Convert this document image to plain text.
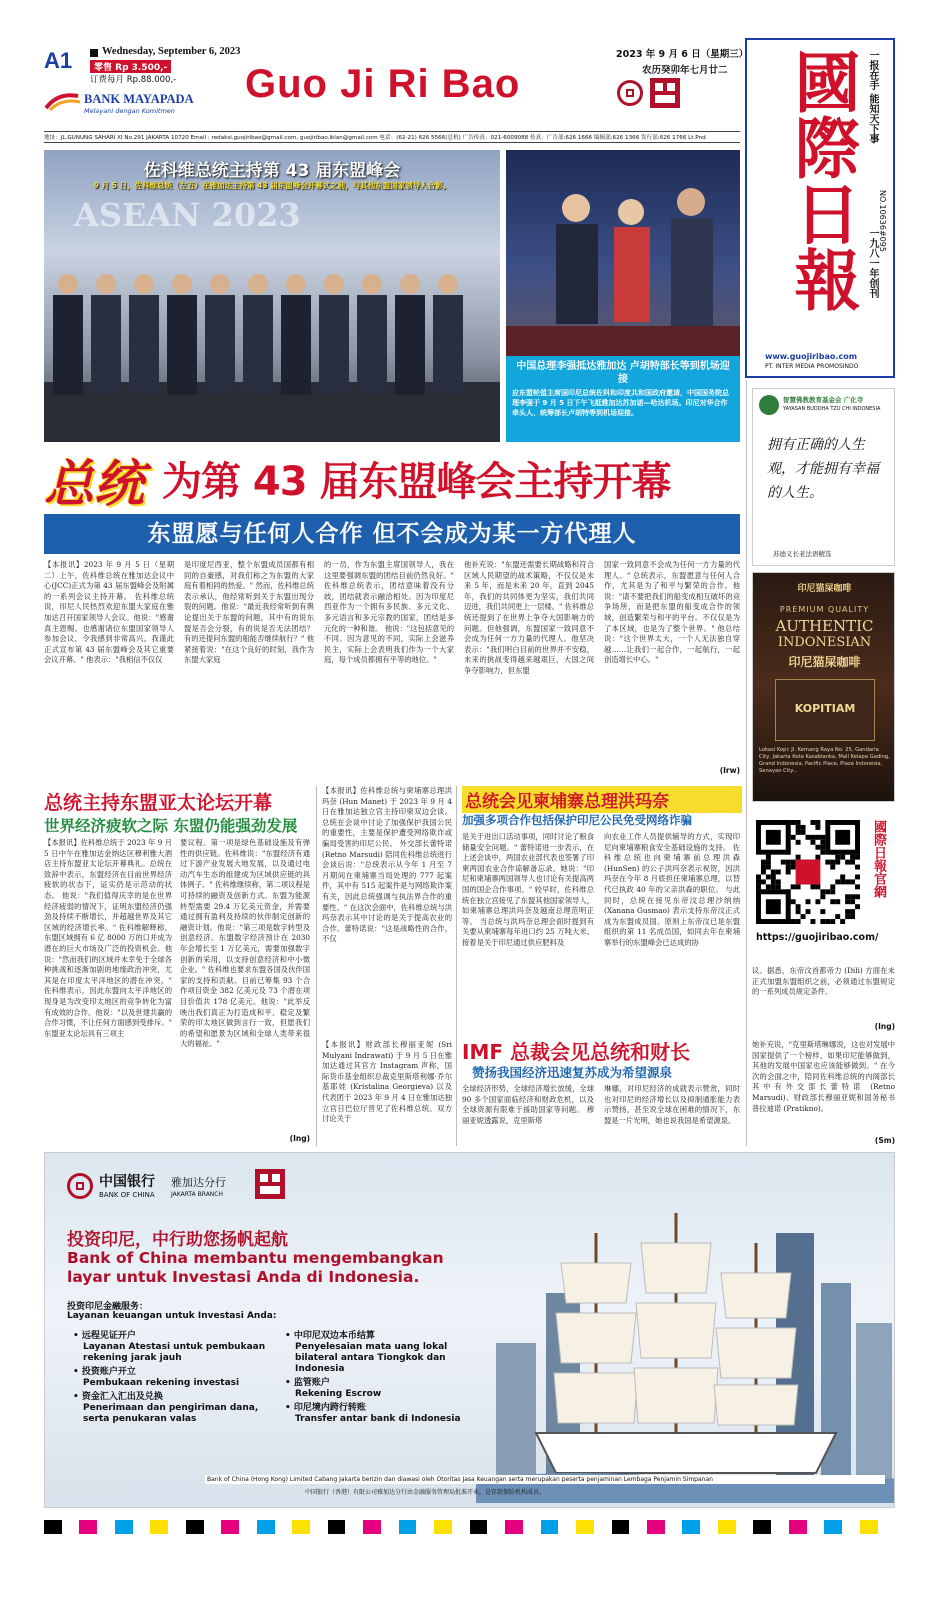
A1	Wednesday, September 6, 2023
零售 Rp 3.500,-
订费每月 Rp.88.000,-
BANK MAYAPADA
Melayani dengan Komitmen
Guo Ji Ri Bao
2023 年 9 月 6 日（星期三）
农历癸卯年七月廿二 國際日報 一报在手 能知天下事
NO.10636#095
一九八一年创刊
www.guojiribao.com
PT. INTER MEDIA PROMOSINDO
地址：JL.GUNUNG SAHARI XI No.291 JAKARTA 10720 Email : redaksi.guojiribao@gmail.com, guojiribao.iklan@gmail.com 电话：(62-21) 626 5566(总机) 广告传真：021-6009088 传真：广告部:626 1666 编辑部:626 1366 发行部:626 1766 Lt.Pnd
佐科维总统主持第 43 届东盟峰会
9 月 5 日，佐科维总统（左五）在雅加达主持第 43 届东盟峰会开幕式之前，与其他东盟国家领导人合影。
ASEAN 2023
中国总理李强抵达雅加达 卢胡特部长等到机场迎接
应东盟轮值主席国印尼总统佐科和印度共和国政府邀请，中国国务院总理李强于 9 月 5 日下午飞抵雅加达苏加诺—哈达机场。印尼对华合作牵头人、统筹部长卢胡特等到机场迎接。
总统 为第 43 届东盟峰会主持开幕
东盟愿与任何人合作 但不会成为某一方代理人
【本报讯】2023 年 9 月 5 日（星期二）上午，佐科维总统在雅加达会议中心(JCC)正式为第 43 届东盟峰会及附属的一系列会议主持开幕。 佐科维总统说，印尼人民热烈欢迎东盟大家庭在雅加达召开国家领导人会议。他说："感谢真主恩赐。也感谢诸位东盟国家领导人参加会议，令我感到非常高兴。我谨此正式宣布第 43 届东盟峰会及其它重要会议开幕。" 他表示："我相信不仅仅
是印度尼西亚，整个东盟成员国都有相同的自豪感，对我们称之为东盟的大家庭有着相同的热爱。" 然而，佐科维总统表示承认，他经常听到关于东盟出现分裂的问题。他说："最近我经常听到有舆论提出关于东盟的问题，其中有的说东盟是否会分裂，有的说是否无法团结？有的还提问东盟的船能否继续航行？" 他紧接着说："在这个良好的时刻，我作为东盟大家庭
的一员，作为东盟主席国领导人，我在这里要强调东盟的团结目前仍然良好。" 佐科维总统表示，团结意味着没有分歧，团结就表示融洽相处。因为印度尼西亚作为一个拥有多民族、多元文化、多元语言和多元宗教的国家，团结是多元化的一种和谐。 他说："这包括意见的不同。因为意见的不同，实际上会滋养民主，实际上会表明我们作为一个大家庭，每个成员都拥有平等的地位。"
他补充说："东盟还需要长期战略和符合区域人民期望的战术策略，不仅仅是未来 5 年，而是未来 20 年，直到 2045 年，我们的共同体更为坚实，我们共同迈进，我们共同更上一层楼。" 佐科维总统还提到了在世界上争夺大国影响力的问题。但他强调，东盟国家一致同意不会成为任何一方力量的代理人。他坚决表示："我们明白目前的世界并不安稳，未来的挑战变得越来越艰巨，大国之间争夺影响力，但东盟
国家一致同意不会成为任何一方力量的代理人。" 总统表示，东盟愿意与任何人合作，尤其是为了和平与繁荣的合作。他说："请不要把我们的船变成相互破坏的竞争场所，而是把东盟的船变成合作的领域，创造繁荣与和平的平台。不仅仅是为了本区域，也是为了整个世界。" 他总结说："这个世界太大，一个人无法独自穿越……让我们一起合作，一起航行，一起创造增长中心。"
(Irw)
智慧佛教教育基金会 广化寺
YAYASAN BUDDHA TZU CHI INDONESIA
拥有正确的人生观，才能拥有幸福的人生。
苏德义长老法语精选
印尼猫屎咖啡
PREMIUM QUALITY
AUTHENTIC
INDONESIAN
印尼猫屎咖啡
KOPITIAM
Lokasi Kopi: Jl. Kemang Raya No. 25, Gandaria City, Jakarta Kota Kasablanka, Mall Kelapa Gading, Grand Indonesia, Pacific Place, Plaza Indonesia, Senayan City...
國際日報官網
https://guojiribao.com/
总统主持东盟亚太论坛开幕
世界经济疲软之际 东盟仍能强劲发展
【本报讯】佐科维总统于 2023 年 9 月 5 日中午在雅加达金纳达区穆利雅大酒店主持东盟亚太论坛开幕典礼。总统在致辞中表示，东盟经济在目前世界经济疲软的状态下，证实仍是示范动的状态。 他说："我们值得庆幸的是在世界经济疲弱的情况下，证明东盟经济仍强劲及持续不断增长，并超越世界及其它区域的经济增长率。" 佐科维解释称，东盟区域拥有 6 亿 8000 万的口并成为潜在的巨大市场及广泛的投资机会。他说："然而我们的区域并未幸免于全球各种挑战和逐渐加剧的地缘政治冲突，尤其是在印度太平洋地区的潜在冲突。" 佐科维表示，因此东盟向太平洋地区的现身是为改变印太地区的竞争转化为富有成效的合作。他说："以及世建共赢的合作习惯，不让任何方面感到受排斥。" 东盟亚太论坛具有三项主
要议程。第一项是绿色基础设施及有弹性的供应链。佐科维说："东盟经济有通过下游产业发展大地发展，以及通过电动汽车生态的组建成为区域供应链的具体例子。" 佐科维继续称，第二项议程是可持续的融资及创新方式。东盟为能源转型需要 29.4 万亿美元资金，并需要通过拥有盈利及持续的伙伴制定创新的融资计划。他说："第三项是数字转型及创意经济。东盟数字经济预计在 2030 年会增长至 1 万亿美元，需要加强数字创新的采用，以支持创意经济和中小微企业。" 佐科维也要求东盟各国及伙伴国家的支持和贡献。目前已筹集 93 个合作项目资金 382 亿美元及 73 个潜在项目价值共 178 亿美元。他说："此举反映出我们真正为打造成和平、稳定及繁荣的印太地区做到言行一致，但愿我们的希望和愿景为区域和全球人类带来很大的福祉。"
(Ing)
【本报讯】佐科维总统与柬埔寨总理洪玛奈 (Hun Manet) 于 2023 年 9 月 4 日在雅加达独立宫主持印柬双边会谈。 总统在会谈中讨论了加强保护我国公民的重要性，主要是保护遭受网络欺诈或骗局受害的印尼公民。 外交部长蕾特诺 (Retno Marsudi) 陪同佐科维总统进行会谈后说："总统表示从今年 1 月至 7 月期间在柬埔寨当局处理的 777 起案件，其中有 515 起案件是与网络欺诈案有关，因此总统强调与执法界合作的重要性。" 在这次会面中，佐科维总统与洪玛奈表示其中讨论的是关于提高农业的合作。蕾特诺说："这是战略性的合作，不仅
总统会见柬埔寨总理洪玛奈
加强多项合作包括保护印尼公民免受网络诈骗
是关于进出口活动事项，同时讨论了粮食储量安全问题。" 蕾特诺进一步表示，在上述会谈中，两国农业部代表也签署了印柬两国农业合作谅解备忘录。她说："印尼和柬埔寨两国领导人也讨论有关提高两国的国企合作事项。" 较早时，佐科维总统在独立宫接见了东盟其他国家领导人，如柬埔寨总理洪玛奈及越南总理范明正等。 当总统与洪玛奈总理会面时提到有关要从柬埔寨每年进口约 25 万吨大米。接着是关于印尼通过供应肥料及
向农业工作人员提供辅导的方式，实现印尼向柬埔寨粮食安全基础设施的支持。 佐科维总统也向柬埔寨前总理洪森 (HunSen) 的公子洪玛奈表示祝贺，因洪玛奈在今年 8 月底担任柬埔寨总理，以替代已执政 40 年的父亲洪森的职位。 与此同时，总统在接见东帝汶总理沙纳纳 (Xanana Gusmao) 表示支持东帝汶正式成为东盟成员国。原则上东帝汶已是东盟组织的第 11 名成员国，如同去年在柬埔寨举行的东盟峰会已达成的协
议。据悉，东帝汶首都帝力 (Dili) 方面在未正式加盟东盟组织之前，必须通过东盟规定的一系列成员规定条件。
(Ing)
【本报讯】财政部长穆丽亚妮 (Sri Mulyani Indrawati) 于 9 月 5 日在雅加达通过其官方 Instagram 声称，国际货币基金组织总裁克里斯塔利娜·乔尔基耶娃 (Kristalina Georgieva) 以及代表团于 2023 年 9 月 4 日在雅加达独立宫日巴拉厅晋见了佐科维总统。双方讨论关于
IMF 总裁会见总统和财长
赞扬我国经济迅速复苏成为希望源泉
全球经济形势，全球经济增长放缓，全球 90 多个国家面临经济和财政危机，以及全球资源有限难于援助国家等问题。 穆丽亚妮透露说，克里斯塔
琳娜，对印尼经济的成就表示赞赏，同时也对印尼的经济增长以及抑制通胀能力表示赞扬，甚至说全球在困难的情况下，东盟是一片光明，她也说我国是希望源泉。
她补充说，"克里斯塔琳娜说，这也对发展中国家提供了一个榜样，如果印尼能够做到，其他的发展中国家也应该能够做到。" 在今次的会面之中，陪同佐科维总统的内阁部长其中有外交部长蕾特诺 (Retno Marsudi)、财政部长穆丽亚妮和国务秘书普拉迪诺 (Pratikno)。
(Sm)
中国银行 雅加达分行
BANK OF CHINA	JAKARTA BRANCH
投资印尼，中行助您扬帆起航
Bank of China membantu mengembangkan layar untuk Investasi Anda di Indonesia.
投资印尼金融服务：
Layanan keuangan untuk Investasi Anda:
• 远程见证开户
Layanan Atestasi untuk pembukaan rekening jarak jauh
• 投资账户开立
Pembukaan rekening investasi
• 资金汇入汇出及兑换
Penerimaan dan pengiriman dana, serta penukaran valas
• 中印尼双边本币结算
Penyelesaian mata uang lokal bilateral antara Tiongkok dan Indonesia
• 监管账户
Rekening Escrow
• 印尼境内跨行转账
Transfer antar bank di Indonesia
Bank of China (Hong Kong) Limited Cabang Jakarta berizin dan diawasi oleh Otoritas Jasa Keuangan serta merupakan peserta penjaminan Lembaga Penjamin Simpanan
中国银行（香港）有限公司雅加达分行由金融服务管理局批准开业，是存款保险机构成员。
